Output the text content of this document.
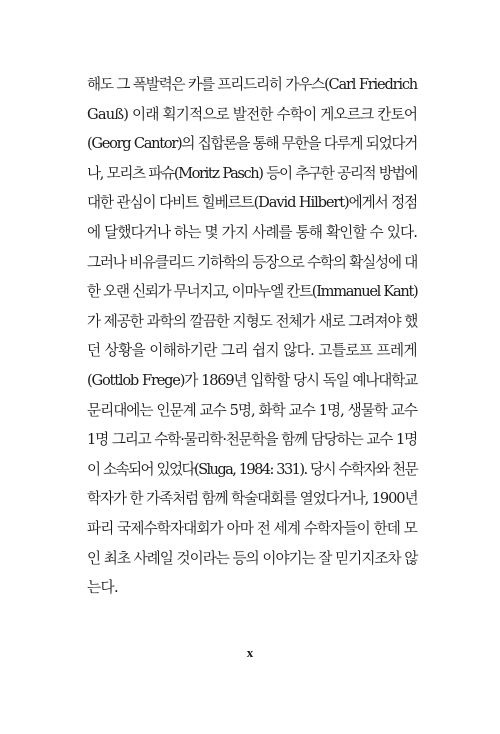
해도 그 폭발력은 카를 프리드리히 가우스(Carl Friedrich
Gauß) 이래 획기적으로 발전한 수학이 게오르크 칸토어
(Georg Cantor)의 집합론을 통해 무한을 다루게 되었다거
나, 모리츠 파슈(Moritz Pasch) 등이 추구한 공리적 방법에
대한 관심이 다비트 힐베르트(David Hilbert)에게서 정점
에 달했다거나 하는 몇 가지 사례를 통해 확인할 수 있다.
그러나 비유클리드 기하학의 등장으로 수학의 확실성에 대
한 오랜 신뢰가 무너지고, 이마누엘 칸트(Immanuel Kant)
가 제공한 과학의 깔끔한 지형도 전체가 새로 그려져야 했
던 상황을 이해하기란 그리 쉽지 않다. 고틀로프 프레게
(Gottlob Frege)가 1869년 입학할 당시 독일 예나대학교
문리대에는 인문계 교수 5명, 화학 교수 1명, 생물학 교수
1명 그리고 수학·물리학·천문학을 함께 담당하는 교수 1명
이 소속되어 있었다(Sluga, 1984: 331). 당시 수학자와 천문
학자가 한 가족처럼 함께 학술대회를 열었다거나, 1900년
파리 국제수학자대회가 아마 전 세계 수학자들이 한데 모
인 최초 사례일 것이라는 등의 이야기는 잘 믿기지조차 않
는다.
x
